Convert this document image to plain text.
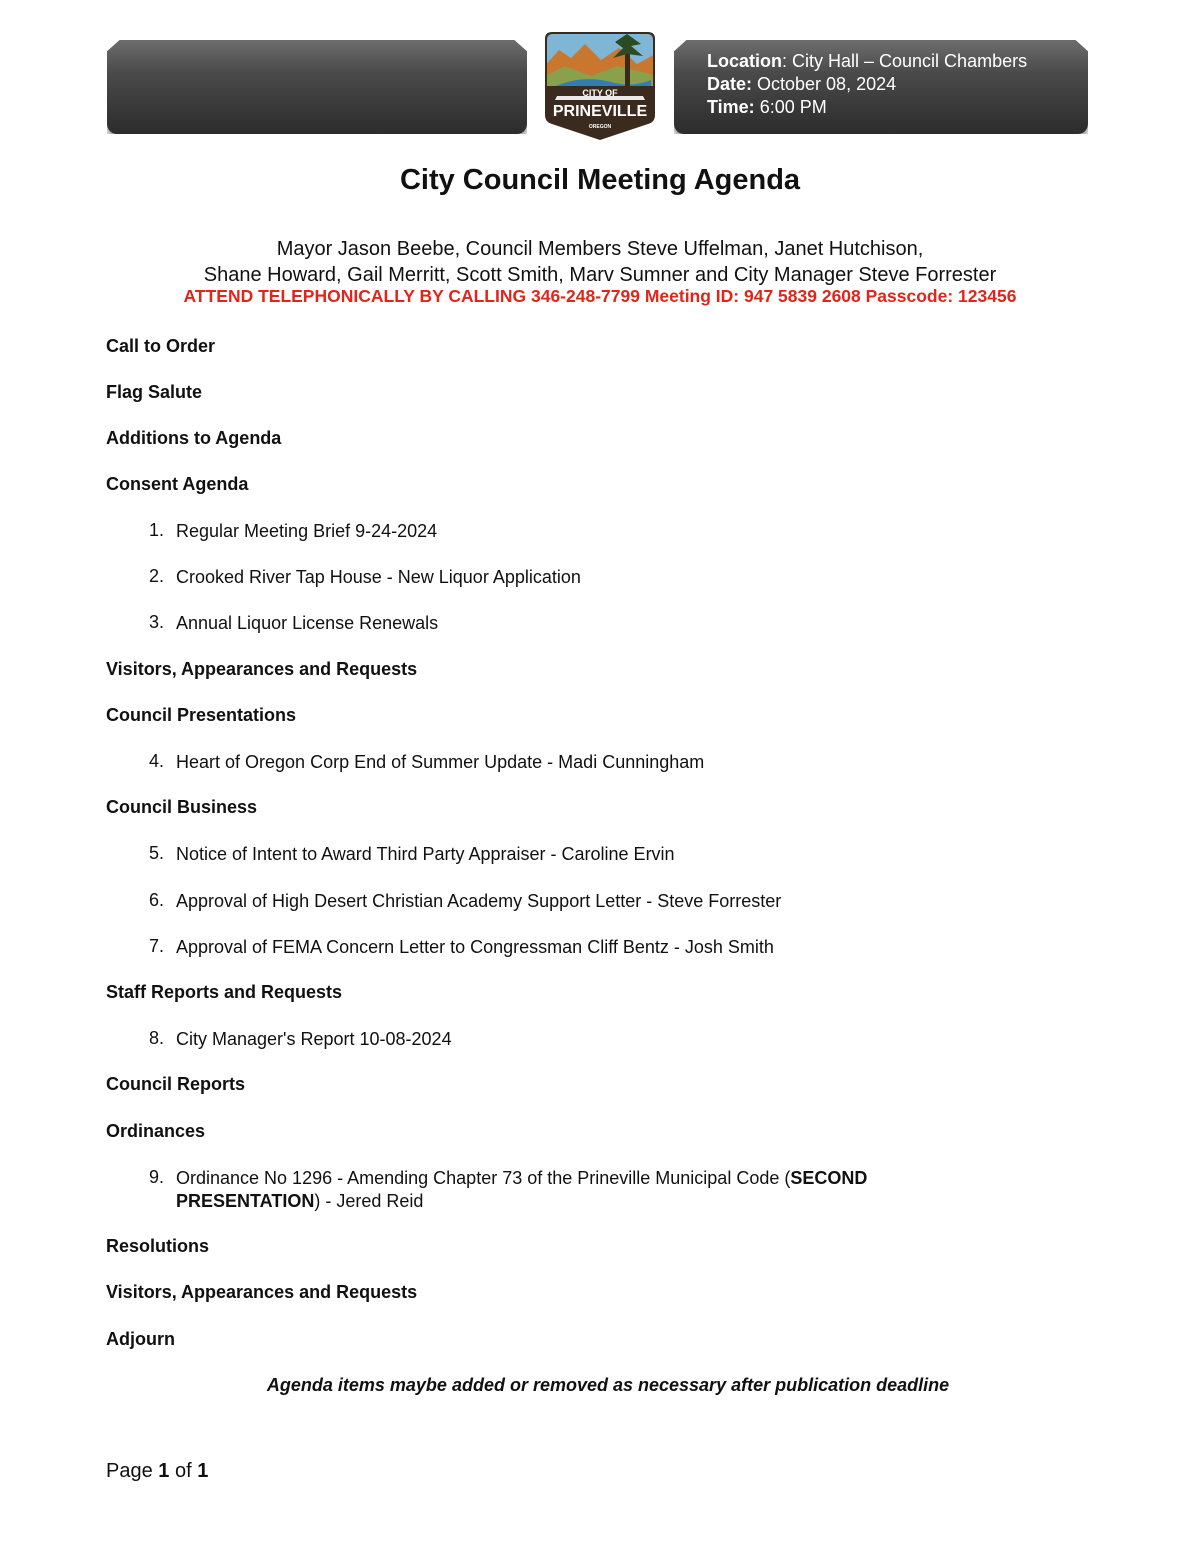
Location: City Hall – Council Chambers
Date: October 08, 2024
Time: 6:00 PM
CITY OF
PRINEVILLE
OREGON
City Council Meeting Agenda
Mayor Jason Beebe, Council Members Steve Uffelman, Janet Hutchison,
Shane Howard, Gail Merritt, Scott Smith, Marv Sumner and City Manager Steve Forrester
ATTEND TELEPHONICALLY BY CALLING 346-248-7799 Meeting ID: 947 5839 2608 Passcode: 123456
Call to Order
Flag Salute
Additions to Agenda
Consent Agenda
1. Regular Meeting Brief 9-24-2024
2. Crooked River Tap House - New Liquor Application
3. Annual Liquor License Renewals
Visitors, Appearances and Requests
Council Presentations
4. Heart of Oregon Corp End of Summer Update - Madi Cunningham
Council Business
5. Notice of Intent to Award Third Party Appraiser - Caroline Ervin
6. Approval of High Desert Christian Academy Support Letter - Steve Forrester
7. Approval of FEMA Concern Letter to Congressman Cliff Bentz - Josh Smith
Staff Reports and Requests
8. City Manager's Report 10-08-2024
Council Reports
Ordinances
9. Ordinance No 1296 - Amending Chapter 73 of the Prineville Municipal Code (SECOND
PRESENTATION) - Jered Reid
Resolutions
Visitors, Appearances and Requests
Adjourn
Agenda items maybe added or removed as necessary after publication deadline
Page 1 of 1
